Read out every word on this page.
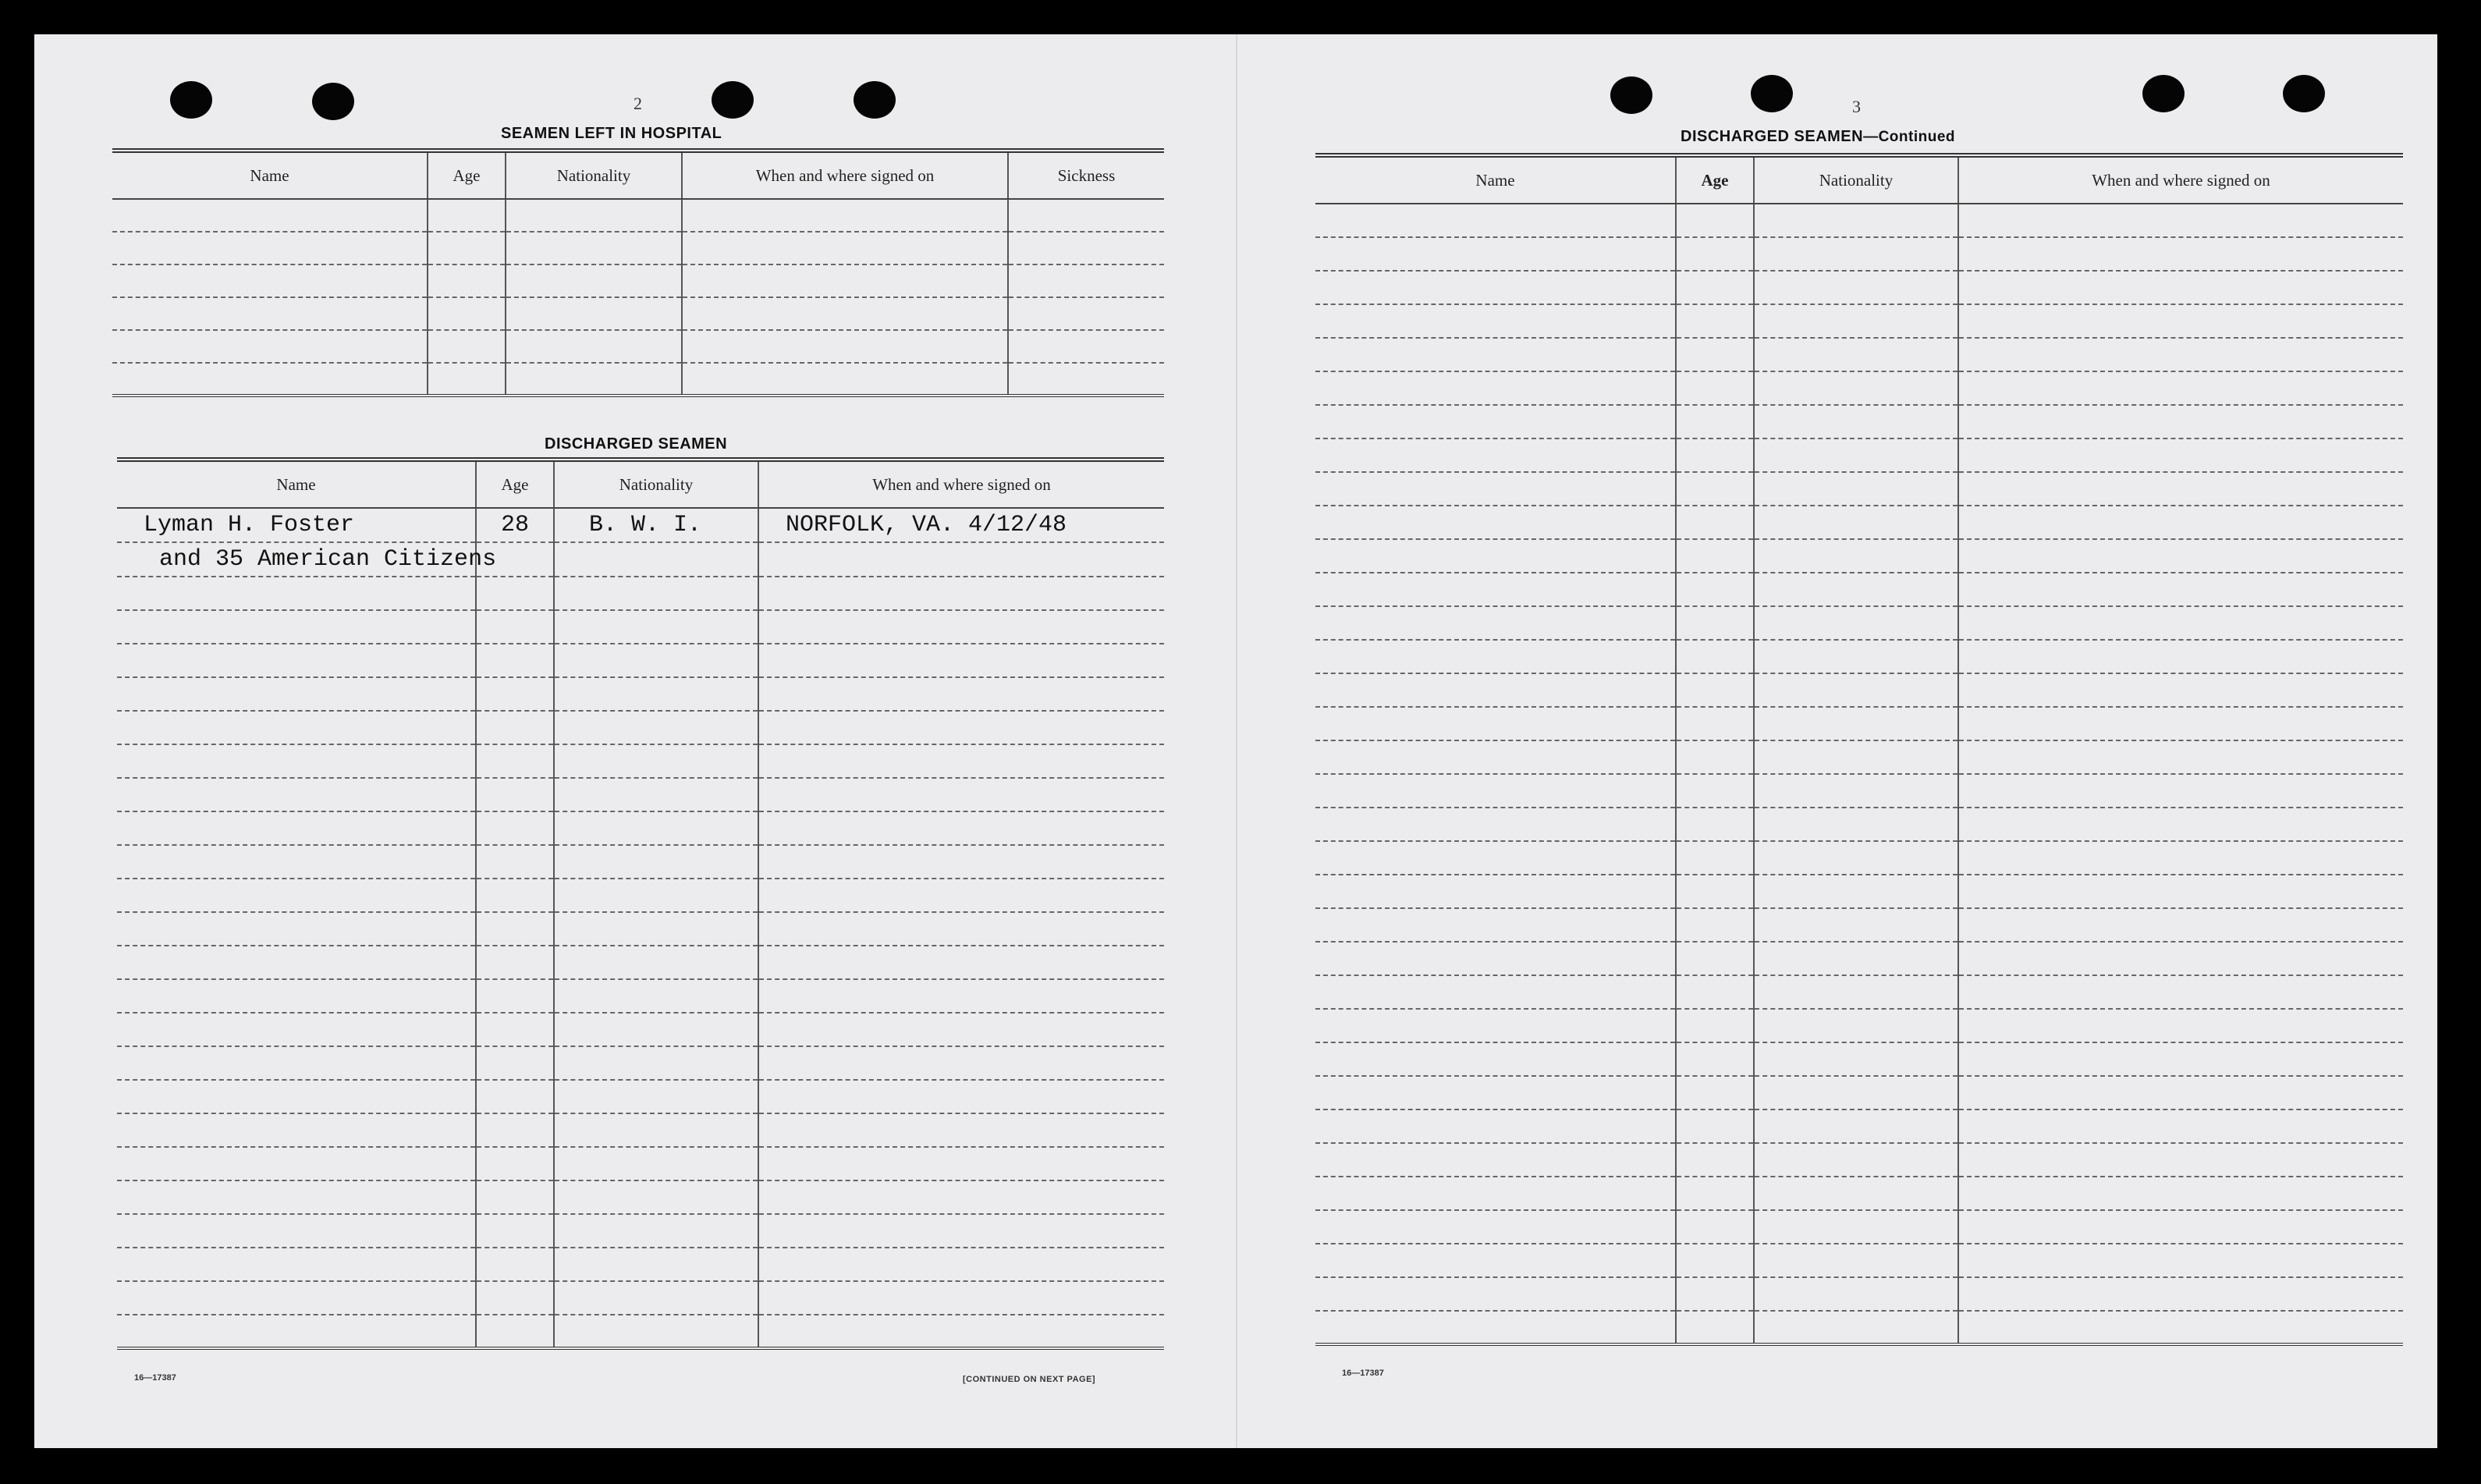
2
SEAMEN LEFT IN HOSPITAL
Name	Age	Nationality	When and where signed on	Sickness

DISCHARGED SEAMEN
Name	Age	Nationality	When and where signed on
Lyman H. Foster	28	B. W. I.	NORFOLK, VA. 4/12/48
and 35 American Citizens			

16—17387	[CONTINUED ON NEXT PAGE]
3
DISCHARGED SEAMEN—Continued
Name	Age	Nationality	When and where signed on

16—17387
